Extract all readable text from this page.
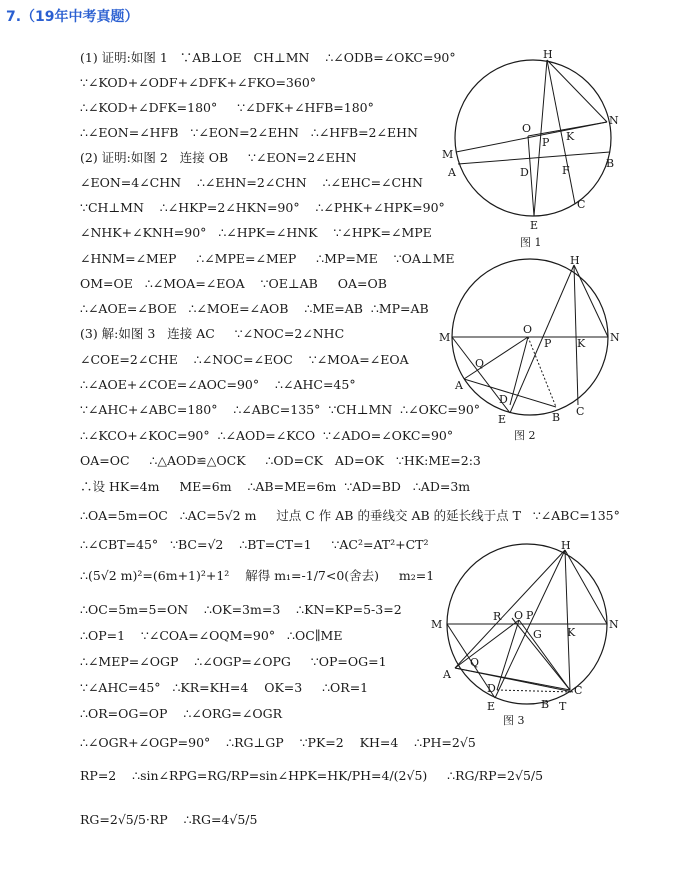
7.（19年中考真题）
(1) 证明:如图 1   ∵AB⊥OE   CH⊥MN    ∴∠ODB=∠OKC=90°
∵∠KOD+∠ODF+∠DFK+∠FKO=360°
∴∠KOD+∠DFK=180°     ∵∠DFK+∠HFB=180°
∴∠EON=∠HFB   ∵∠EON=2∠EHN   ∴∠HFB=2∠EHN
(2) 证明:如图 2   连接 OB     ∵∠EON=2∠EHN
∠EON=4∠CHN    ∴∠EHN=2∠CHN    ∴∠EHC=∠CHN
∵CH⊥MN    ∴∠HKP=2∠HKN=90°    ∴∠PHK+∠HPK=90°
∠NHK+∠KNH=90°   ∴∠HPK=∠HNK    ∵∠HPK=∠MPE
∠HNM=∠MEP     ∴∠MPE=∠MEP     ∴MP=ME    ∵OA⊥ME
OM=OE   ∴∠MOA=∠EOA    ∵OE⊥AB     OA=OB
∴∠AOE=∠BOE   ∴∠MOE=∠AOB    ∴ME=AB  ∴MP=AB
(3) 解:如图 3   连接 AC     ∵∠NOC=2∠NHC
∠COE=2∠CHE    ∴∠NOC=∠EOC    ∵∠MOA=∠EOA
∴∠AOE+∠COE=∠AOC=90°    ∴∠AHC=45°
∵∠AHC+∠ABC=180°    ∴∠ABC=135°  ∵CH⊥MN  ∴∠OKC=90°
∴∠KCO+∠KOC=90°  ∴∠AOD=∠KCO  ∵∠ADO=∠OKC=90°
OA=OC     ∴△AOD≌△OCK     ∴OD=CK   AD=OK   ∵HK:ME=2:3
∴设 HK=4m     ME=6m    ∴AB=ME=6m  ∵AD=BD   ∴AD=3m
∴OA=5m=OC   ∴AC=5√2 m     过点 C 作 AB 的垂线交 AB 的延长线于点 T   ∵∠ABC=135°
∴∠CBT=45°   ∵BC=√2    ∴BT=CT=1     ∵AC²=AT²+CT²
∴(5√2 m)²=(6m+1)²+1²    解得 m₁=-1/7<0(舍去)     m₂=1
∴OC=5m=5=ON    ∴OK=3m=3    ∴KN=KP=5-3=2
∴OP=1    ∵∠COA=∠OQM=90°   ∴OC∥ME
∴∠MEP=∠OGP    ∴∠OGP=∠OPG     ∵OP=OG=1
∵∠AHC=45°   ∴KR=KH=4    OK=3     ∴OR=1
∴OR=OG=OP    ∴∠ORG=∠OGR
∴∠OGR+∠OGP=90°    ∴RG⊥GP    ∵PK=2    KH=4    ∴PH=2√5
RP=2    ∴sin∠RPG=RG/RP=sin∠HPK=HK/PH=4/(2√5)     ∴RG/RP=2√5/5
RG=2√5/5·RP    ∴RG=4√5/5
H
O
N
M
K
P
B
A	D	F
C
E
图 1
H
O
M	N
P K
Q
A
D
E	B C
图 2
H
R O P
M	N
G K
Q
A
D
E	B T
C
图 3
